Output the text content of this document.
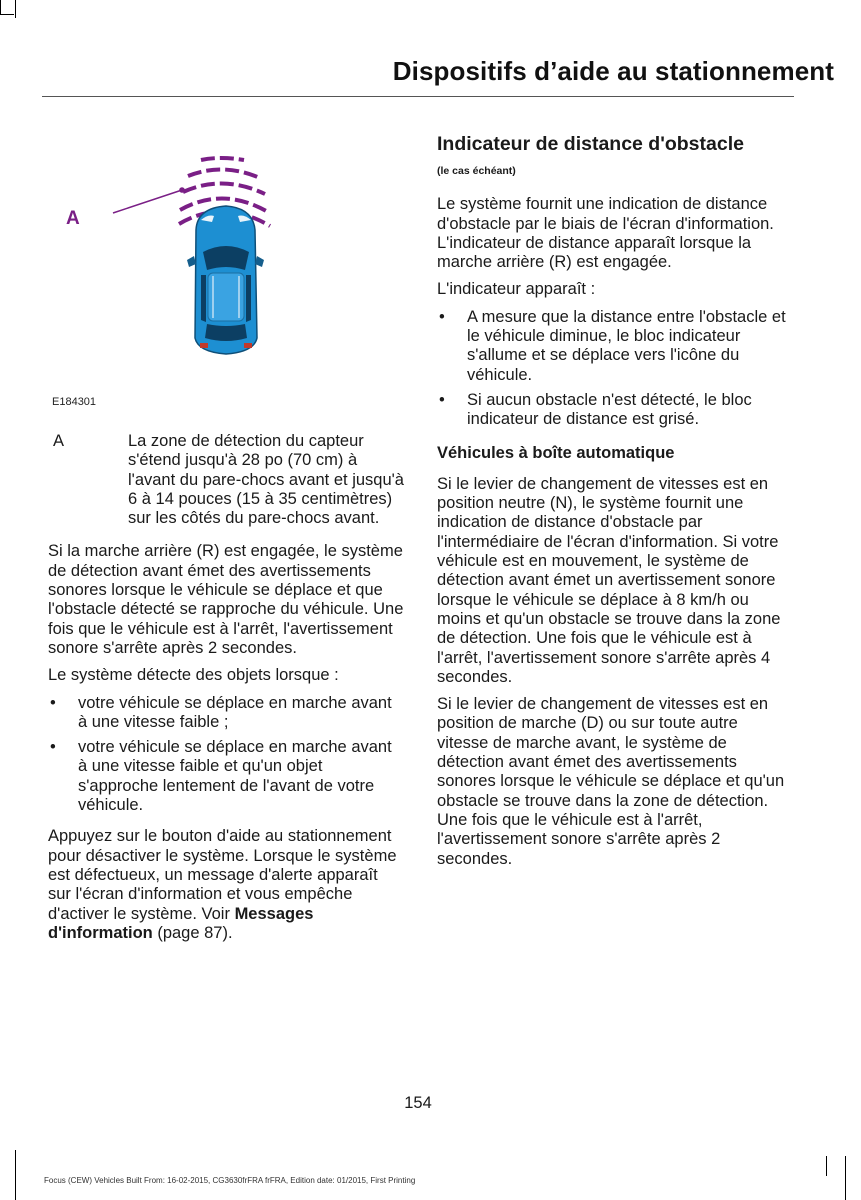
Dispositifs d’aide au stationnement
A
E184301
A	La zone de détection du capteur s'étend jusqu'à 28 po (70 cm) à l'avant du pare-chocs avant et jusqu'à 6 à 14 pouces (15 à 35 centimètres) sur les côtés du pare-chocs avant.

Si la marche arrière (R) est engagée, le système de détection avant émet des avertissements sonores lorsque le véhicule se déplace et que l'obstacle détecté se rapproche du véhicule. Une fois que le véhicule est à l'arrêt, l'avertissement sonore s'arrête après 2 secondes.

Le système détecte des objets lorsque :

•	votre véhicule se déplace en marche avant à une vitesse faible ;
•	votre véhicule se déplace en marche avant à une vitesse faible et qu'un objet s'approche lentement de l'avant de votre véhicule.

Appuyez sur le bouton d'aide au stationnement pour désactiver le système. Lorsque le système est défectueux, un message d'alerte apparaît sur l'écran d'information et vous empêche d'activer le système. Voir Messages d'information (page 87).

Indicateur de distance d'obstacle
(le cas échéant)

Le système fournit une indication de distance d'obstacle par le biais de l'écran d'information. L'indicateur de distance apparaît lorsque la marche arrière (R) est engagée.

L'indicateur apparaît :

•	A mesure que la distance entre l'obstacle et le véhicule diminue, le bloc indicateur s'allume et se déplace vers l'icône du véhicule.
•	Si aucun obstacle n'est détecté, le bloc indicateur de distance est grisé.
Véhicules à boîte automatique

Si le levier de changement de vitesses est en position neutre (N), le système fournit une indication de distance d'obstacle par l'intermédiaire de l'écran d'information. Si votre véhicule est en mouvement, le système de détection avant émet un avertissement sonore lorsque le véhicule se déplace à 8 km/h ou moins et qu'un obstacle se trouve dans la zone de détection. Une fois que le véhicule est à l'arrêt, l'avertissement sonore s'arrête après 4 secondes.

Si le levier de changement de vitesses est en position de marche (D) ou sur toute autre vitesse de marche avant, le système de détection avant émet des avertissements sonores lorsque le véhicule se déplace et qu'un obstacle se trouve dans la zone de détection. Une fois que le véhicule est à l'arrêt, l'avertissement sonore s'arrête après 2 secondes.

154
Focus (CEW) Vehicles Built From: 16-02-2015, CG3630frFRA frFRA, Edition date: 01/2015, First Printing
